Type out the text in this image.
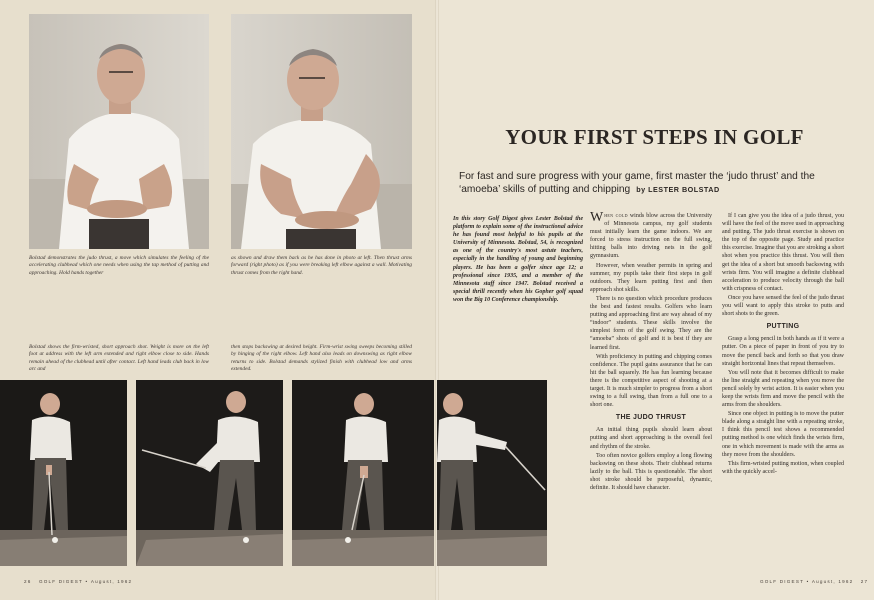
Bolstad demonstrates the judo thrust, a move which simulates the feeling of the accelerating clubhead which one needs when using the tap method of putting and approaching. Hold hands together

as shown and draw them back as he has done in photo at left. Then thrust arms forward (right photo) as if you were breaking left elbow against a wall. Motivating thrust comes from the right hand.

Bolstad shows the firm-wristed, short approach shot. Weight is more on the left foot at address with the left arm extended and right elbow close to side. Hands remain ahead of the clubhead until after contact. Left hand leads club back in low arc and

then stops backswing at desired height. Firm-wrist swing sweeps becoming stilled by hinging of the right elbow. Left hand also leads on downswing as right elbow returns to side. Bolstad demands stylized finish with clubhead low and arms extended.

26 GOLF DIGEST • August, 1962	GOLF DIGEST • August, 1962 27
YOUR FIRST STEPS IN GOLF

For fast and sure progress with your game, first master the ‘judo thrust’ and the ‘amoeba’ skills of putting and chipping by LESTER BOLSTAD

In this story Golf Digest gives Lester Bolstad the platform to explain some of the instructional advice he has found most helpful to his pupils at the University of Minnesota. Bolstad, 54, is recognized as one of the country's most astute teachers, especially in the handling of young and beginning players. He has been a golfer since age 12; a professional since 1935, and a member of the Minnesota staff since 1947. Bolstad received a special thrill recently when his Gopher golf squad won the Big 10 Conference championship.

When cold winds blow across the University of Minnesota campus, my golf students must initially learn the game indoors. We are forced to stress instruction on the full swing, hitting balls into driving nets in the golf gymnasium.

However, when weather permits in spring and summer, my pupils take their first steps in golf outdoors. They learn putting first and then approach shot skills.

There is no question which procedure produces the best and fastest results. Golfers who learn putting and approaching first are way ahead of my “indoor” students. These skills involve the simplest form of the golf swing. They are the “amoeba” shots of golf and it is best if they are learned first.

With proficiency in putting and chipping comes confidence. The pupil gains assurance that he can hit the ball squarely. He has fun learning because there is the competitive aspect of shooting at a target. It is much simpler to progress from a short swing to a full swing, than from a full one to a short one.

THE JUDO THRUST

An initial thing pupils should learn about putting and short approaching is the overall feel and rhythm of the stroke.

Too often novice golfers employ a long flowing backswing on these shots. Their clubhead returns lazily to the ball. This is questionable. The short shot stroke should be purposeful, dynamic, definite. It should have character.

If I can give you the idea of a judo thrust, you will have the feel of the move used in approaching and putting. The judo thrust exercise is shown on the top of the opposite page. Study and practice this exercise. Imagine that you are stroking a short shot when you practice this thrust. You will then get the idea of a short but smooth backswing with wrists firm. You will imagine a definite clubhead acceleration to produce velocity through the ball with crispness of contact.

Once you have sensed the feel of the judo thrust you will want to apply this stroke to putts and short shots to the green.

PUTTING

Grasp a long pencil in both hands as if it were a putter. On a piece of paper in front of you try to move the pencil back and forth so that you draw straight horizontal lines that repeat themselves.

You will note that it becomes difficult to make the line straight and repeating when you move the pencil solely by wrist action. It is easier when you keep the wrists firm and move the pencil with the arms from the shoulders.

Since one object in putting is to move the putter blade along a straight line with a repeating stroke, I think this pencil test shows a recommended putting method is one which finds the wrists firm, one in which movement is made with the arms as they move from the shoulders.

This firm-wristed putting motion, when coupled with the quickly accel-
